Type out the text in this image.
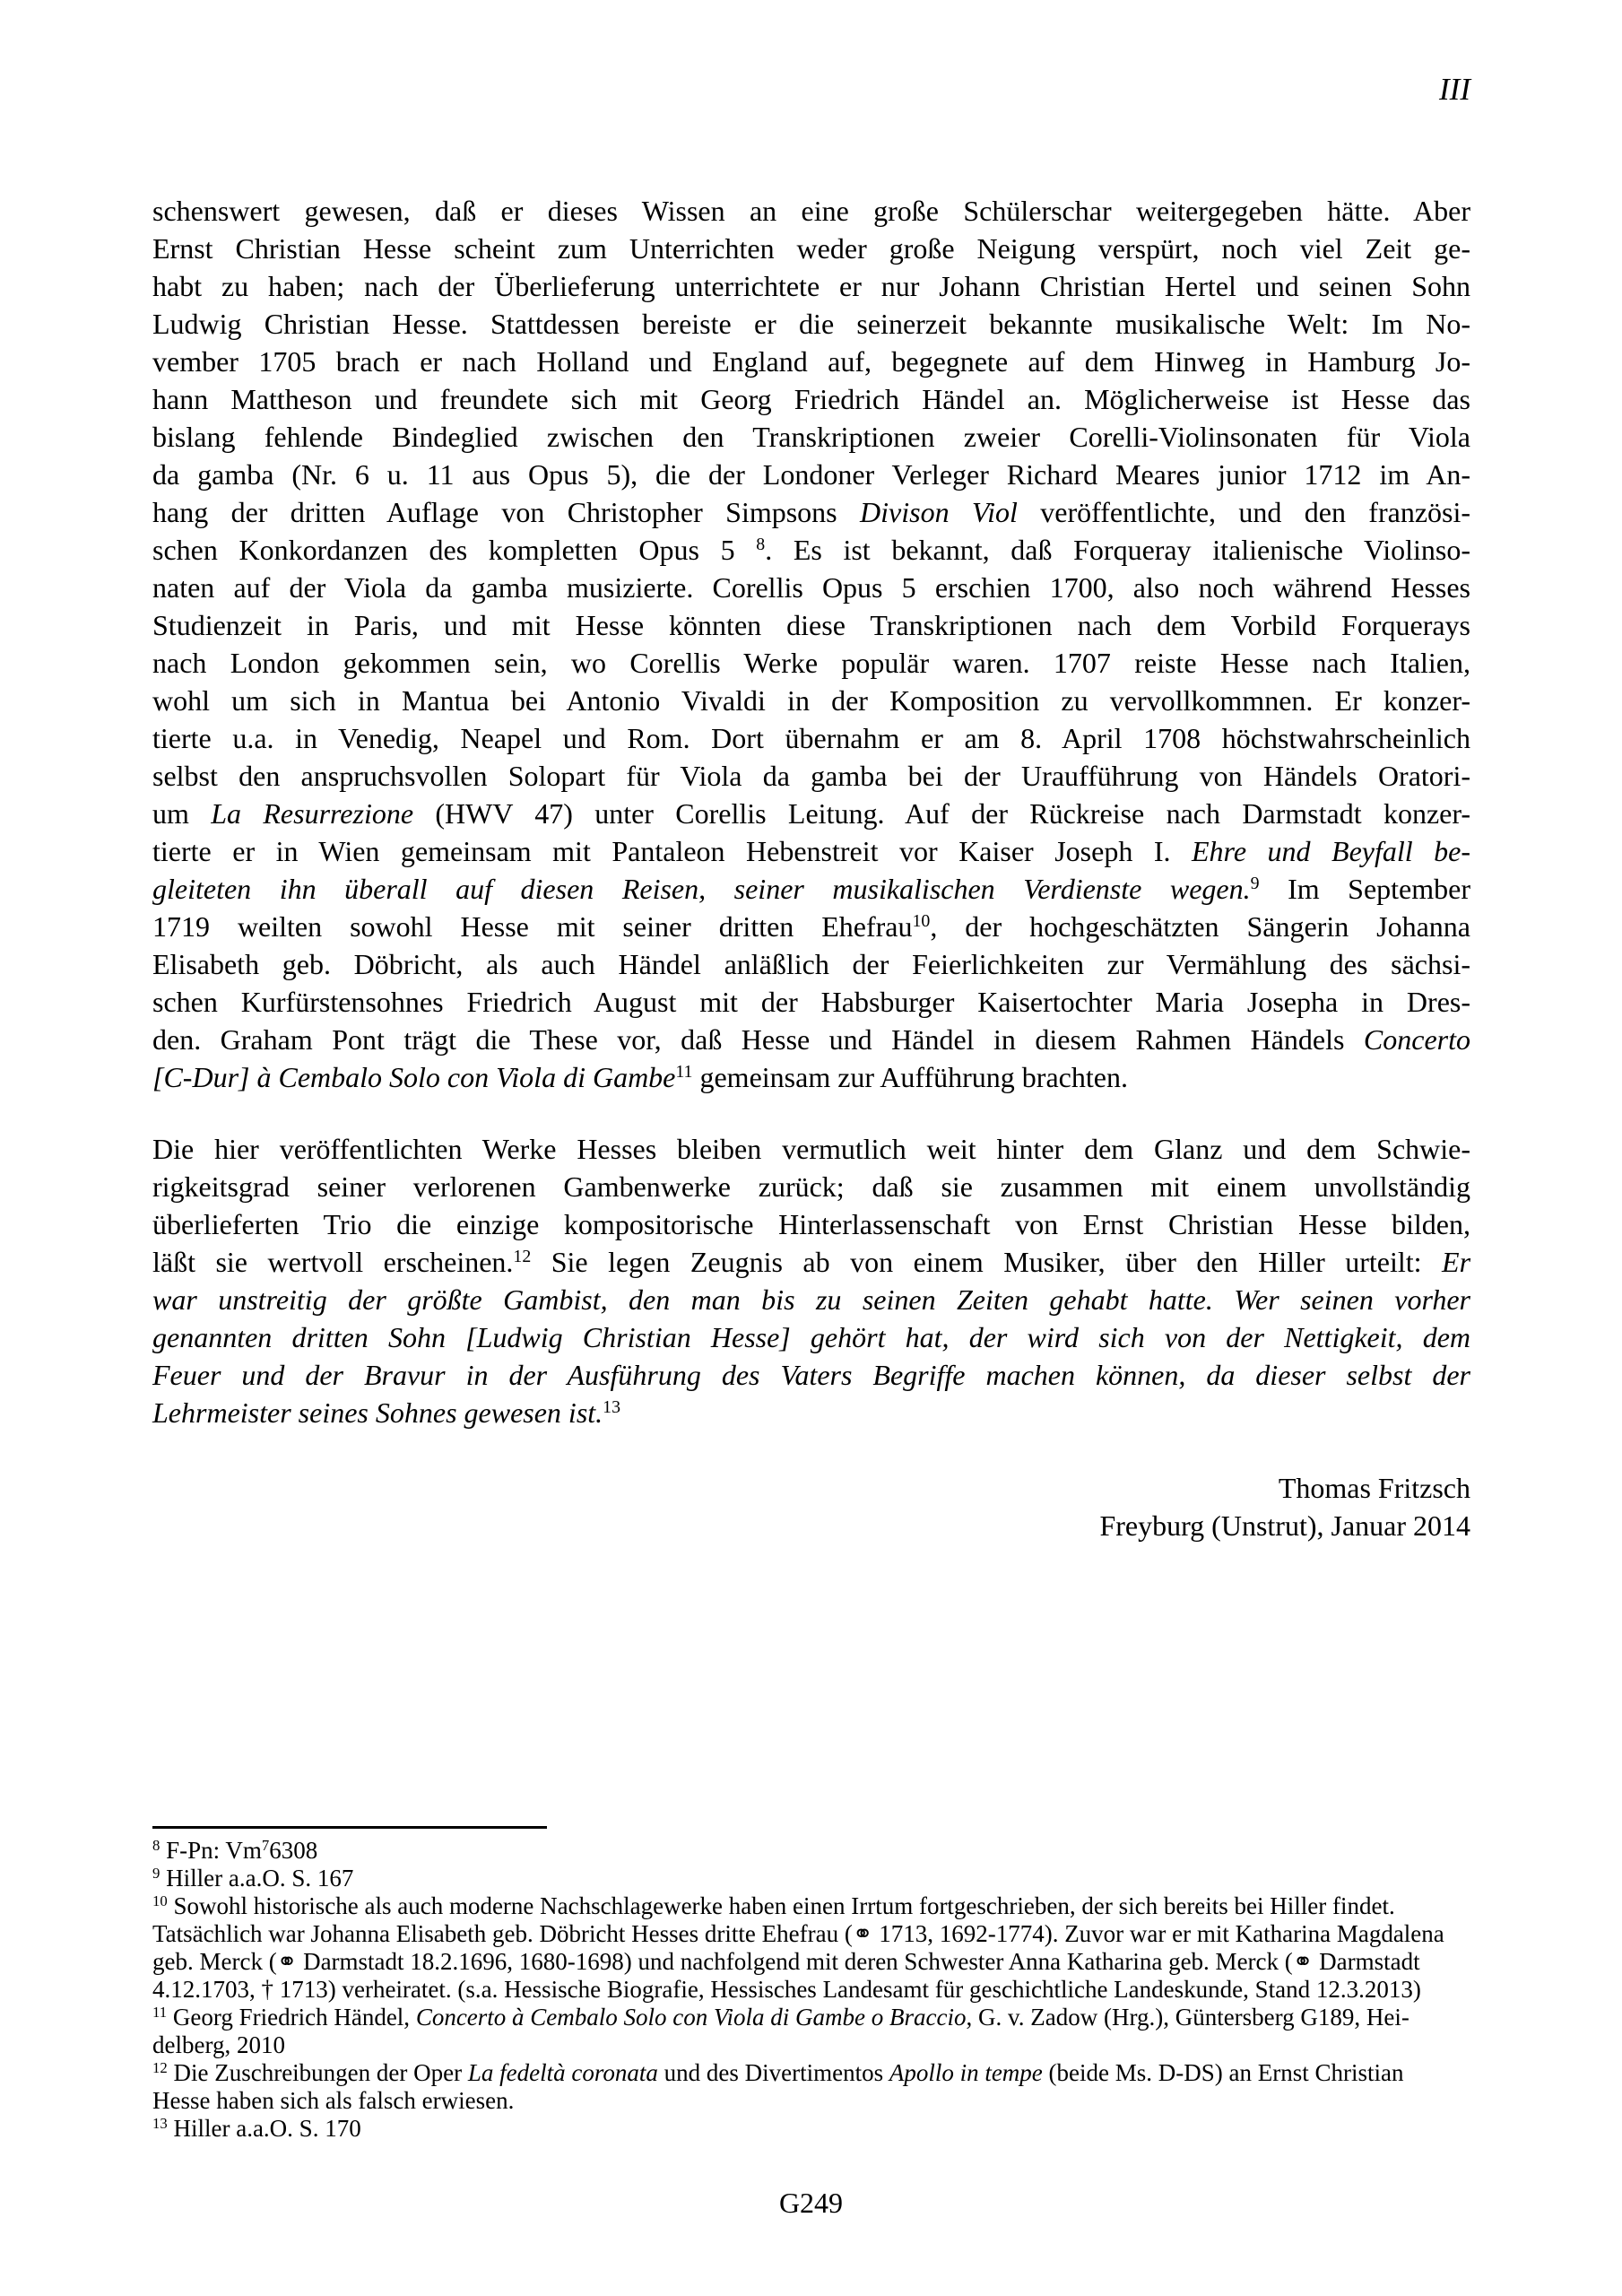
III
schenswert gewesen, daß er dieses Wissen an eine große Schülerschar weitergegeben hätte. Aber
Ernst Christian Hesse scheint zum Unterrichten weder große Neigung verspürt, noch viel Zeit ge-
habt zu haben; nach der Überlieferung unterrichtete er nur Johann Christian Hertel und seinen Sohn
Ludwig Christian Hesse. Stattdessen bereiste er die seinerzeit bekannte musikalische Welt: Im No-
vember 1705 brach er nach Holland und England auf, begegnete auf dem Hinweg in Hamburg Jo-
hann Mattheson und freundete sich mit Georg Friedrich Händel an. Möglicherweise ist Hesse das
bislang fehlende Bindeglied zwischen den Transkriptionen zweier Corelli-Violinsonaten für Viola
da gamba (Nr. 6 u. 11 aus Opus 5), die der Londoner Verleger Richard Meares junior 1712 im An-
hang der dritten Auflage von Christopher Simpsons Divison Viol veröffentlichte, und den französi-
schen Konkordanzen des kompletten Opus 5 $^8$. Es ist bekannt, daß Forqueray italienische Violinso-
naten auf der Viola da gamba musizierte. Corellis Opus 5 erschien 1700, also noch während Hesses
Studienzeit in Paris, und mit Hesse könnten diese Transkriptionen nach dem Vorbild Forquerays
nach London gekommen sein, wo Corellis Werke populär waren. 1707 reiste Hesse nach Italien,
wohl um sich in Mantua bei Antonio Vivaldi in der Komposition zu vervollkommnen. Er konzer-
tierte u.a. in Venedig, Neapel und Rom. Dort übernahm er am 8. April 1708 höchstwahrscheinlich
selbst den anspruchsvollen Solopart für Viola da gamba bei der Uraufführung von Händels Oratori-
um La Resurrezione (HWV 47) unter Corellis Leitung. Auf der Rückreise nach Darmstadt konzer-
tierte er in Wien gemeinsam mit Pantaleon Hebenstreit vor Kaiser Joseph I. Ehre und Beyfall be-
gleiteten ihn überall auf diesen Reisen, seiner musikalischen Verdienste wegen.$^9$ Im September
1719 weilten sowohl Hesse mit seiner dritten Ehefrau$^{10}$, der hochgeschätzten Sängerin Johanna
Elisabeth geb. Döbricht, als auch Händel anläßlich der Feierlichkeiten zur Vermählung des sächsi-
schen Kurfürstensohnes Friedrich August mit der Habsburger Kaisertochter Maria Josepha in Dres-
den. Graham Pont trägt die These vor, daß Hesse und Händel in diesem Rahmen Händels Concerto
[C-Dur] à Cembalo Solo con Viola di Gambe$^{11}$ gemeinsam zur Aufführung brachten.
Die hier veröffentlichten Werke Hesses bleiben vermutlich weit hinter dem Glanz und dem Schwie-
rigkeitsgrad seiner verlorenen Gambenwerke zurück; daß sie zusammen mit einem unvollständig
überlieferten Trio die einzige kompositorische Hinterlassenschaft von Ernst Christian Hesse bilden,
läßt sie wertvoll erscheinen.$^{12}$ Sie legen Zeugnis ab von einem Musiker, über den Hiller urteilt: Er
war unstreitig der größte Gambist, den man bis zu seinen Zeiten gehabt hatte. Wer seinen vorher
genannten dritten Sohn [Ludwig Christian Hesse] gehört hat, der wird sich von der Nettigkeit, dem
Feuer und der Bravur in der Ausführung des Vaters Begriffe machen können, da dieser selbst der
Lehrmeister seines Sohnes gewesen ist.$^{13}$
Thomas Fritzsch
Freyburg (Unstrut), Januar 2014
$^8$ F-Pn: Vm$^7$6308
$^9$ Hiller a.a.O. S. 167
$^{10}$ Sowohl historische als auch moderne Nachschlagewerke haben einen Irrtum fortgeschrieben, der sich bereits bei Hiller findet.
Tatsächlich war Johanna Elisabeth geb. Döbricht Hesses dritte Ehefrau (⚭ 1713, 1692-1774). Zuvor war er mit Katharina Magdalena
geb. Merck (⚭ Darmstadt 18.2.1696, 1680-1698) und nachfolgend mit deren Schwester Anna Katharina geb. Merck (⚭ Darmstadt
4.12.1703, † 1713) verheiratet. (s.a. Hessische Biografie, Hessisches Landesamt für geschichtliche Landeskunde, Stand 12.3.2013)
$^{11}$ Georg Friedrich Händel, Concerto à Cembalo Solo con Viola di Gambe o Braccio, G. v. Zadow (Hrg.), Güntersberg G189, Hei-
delberg, 2010
$^{12}$ Die Zuschreibungen der Oper La fedeltà coronata und des Divertimentos Apollo in tempe (beide Ms. D-DS) an Ernst Christian
Hesse haben sich als falsch erwiesen.
$^{13}$ Hiller a.a.O. S. 170
G249
